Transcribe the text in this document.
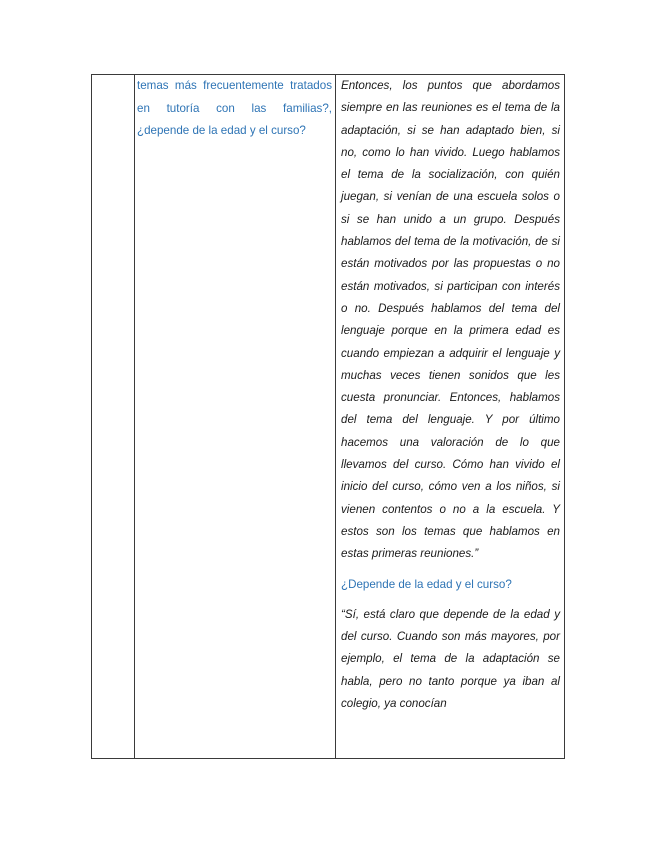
temas más frecuentemente tratados en tutoría con las familias?, ¿depende de la edad y el curso?

Entonces, los puntos que abordamos siempre en las reuniones es el tema de la adaptación, si se han adaptado bien, si no, como lo han vivido. Luego hablamos el tema de la socialización, con quién juegan, si venían de una escuela solos o si se han unido a un grupo. Después hablamos del tema de la motivación, de si están motivados por las propuestas o no están motivados, si participan con interés o no. Después hablamos del tema del lenguaje porque en la primera edad es cuando empiezan a adquirir el lenguaje y muchas veces tienen sonidos que les cuesta pronunciar. Entonces, hablamos del tema del lenguaje. Y por último hacemos una valoración de lo que llevamos del curso. Cómo han vivido el inicio del curso, cómo ven a los niños, si vienen contentos o no a la escuela. Y estos son los temas que hablamos en estas primeras reuniones.”

¿Depende de la edad y el curso?

“Sí, está claro que depende de la edad y del curso. Cuando son más mayores, por ejemplo, el tema de la adaptación se habla, pero no tanto porque ya iban al colegio, ya conocían
